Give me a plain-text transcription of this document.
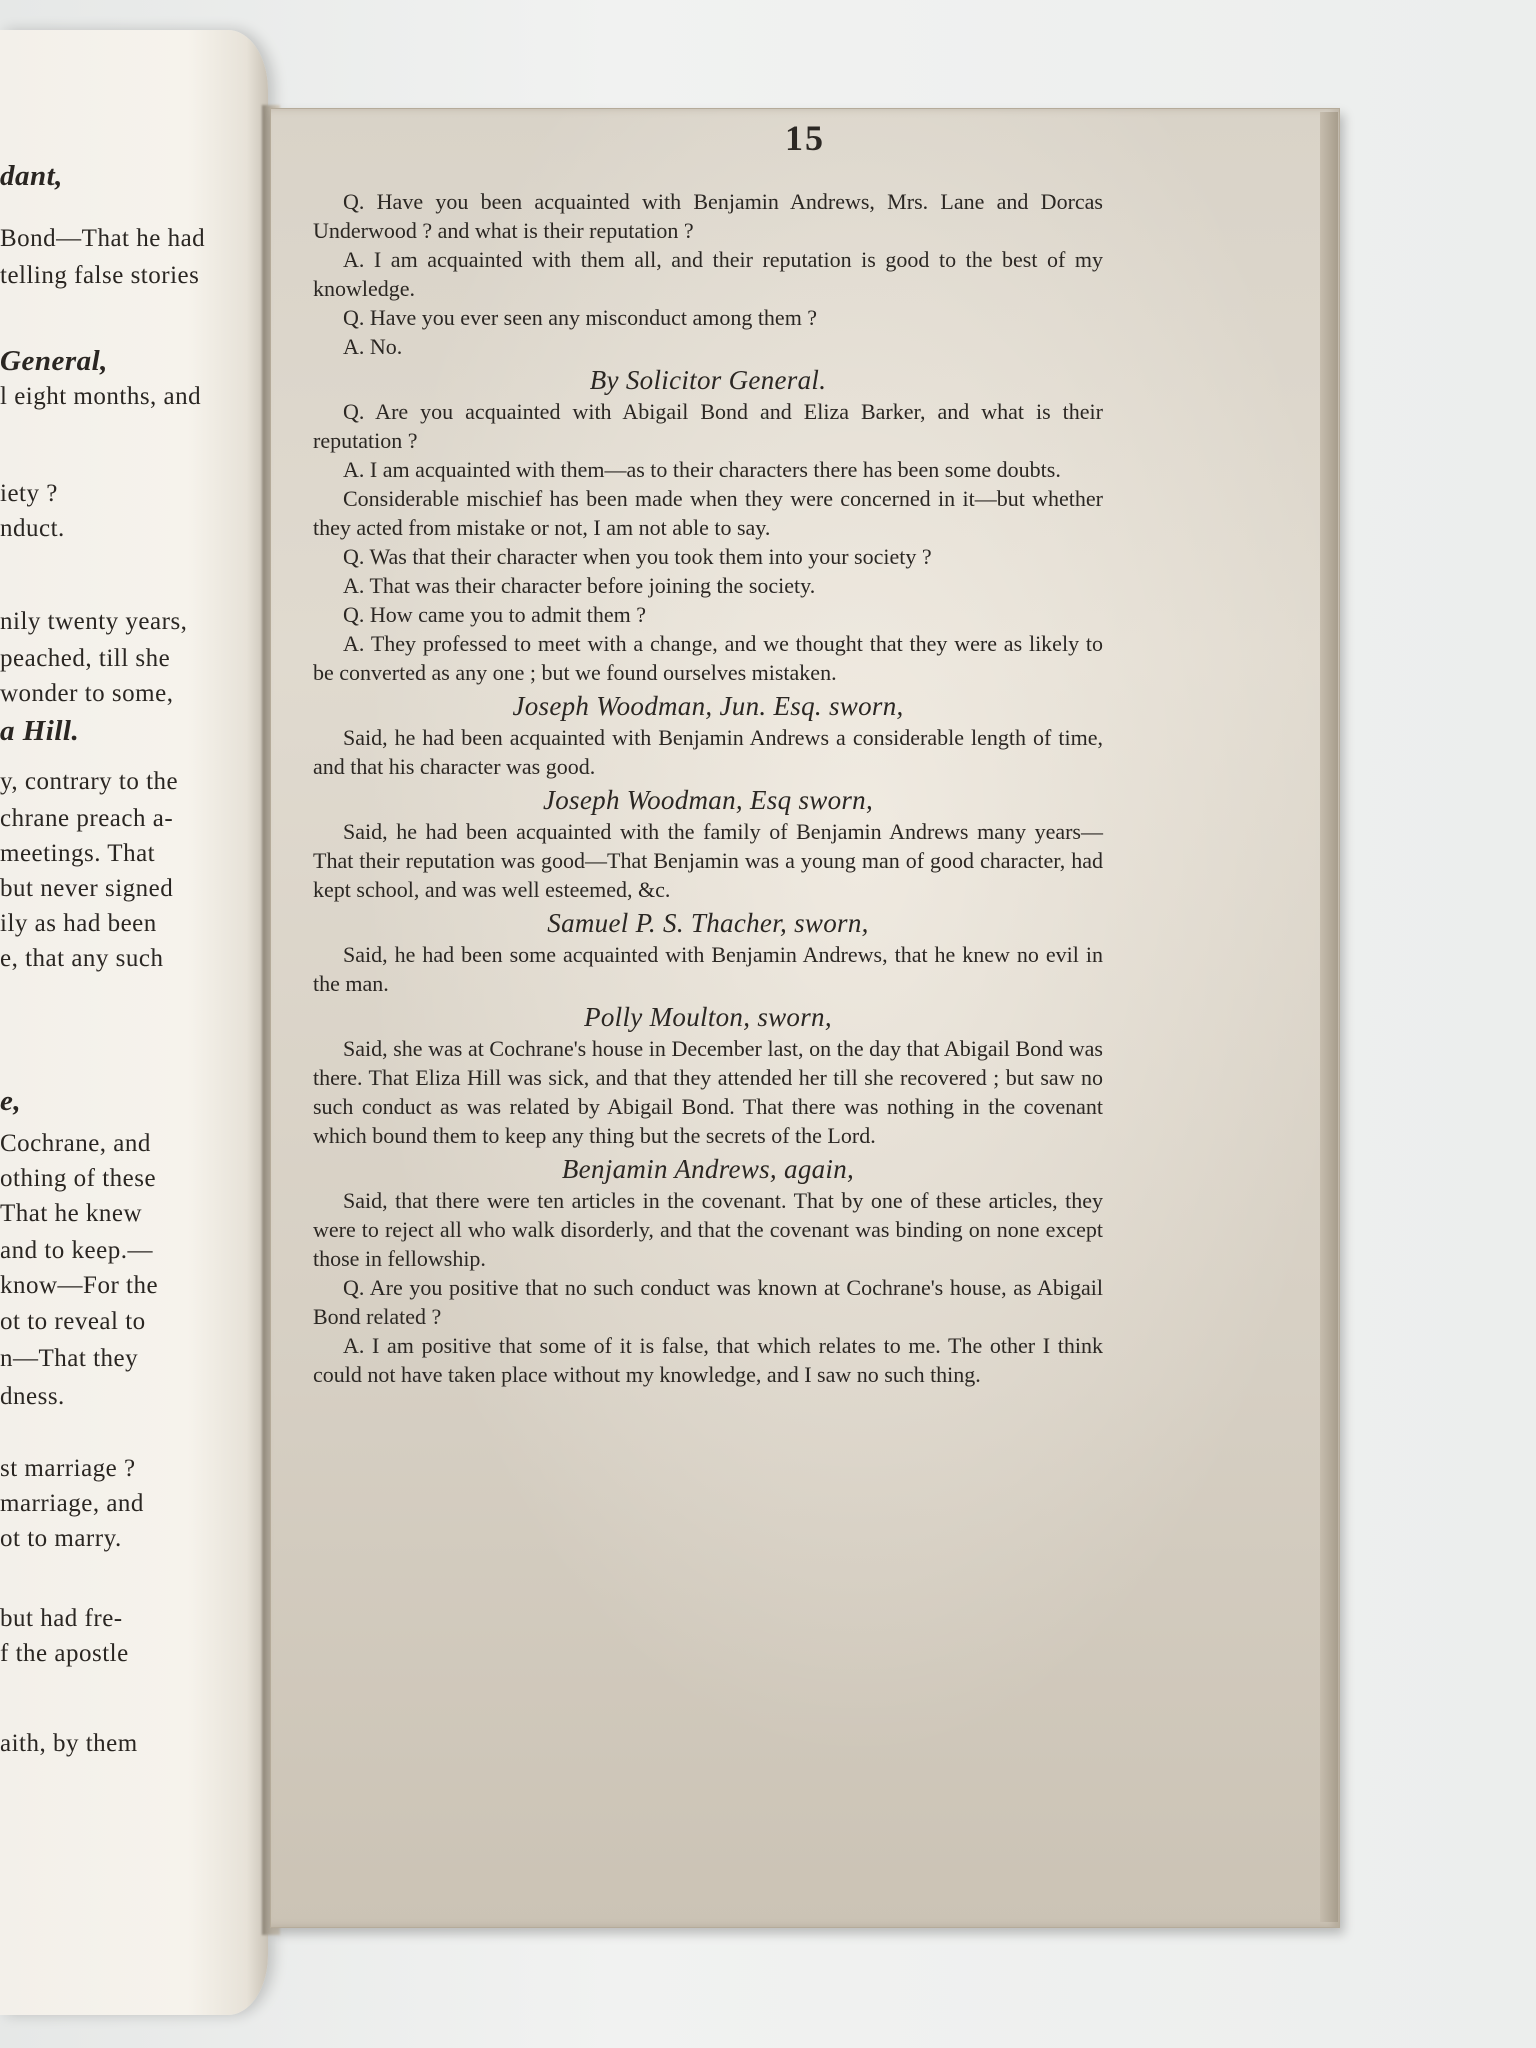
dant,
Bond—That he had
telling false stories
General,
l eight months, and
iety ?
nduct.
nily twenty years,
peached, till she
wonder to some,
a Hill.
y, contrary to the
chrane preach a-
meetings. That
but never signed
ily as had been
e, that any such
e,
Cochrane, and
othing of these
That he knew
and to keep.—
know—For the
ot to reveal to
n—That they
dness.
st marriage ?
marriage, and
ot to marry.
but had fre-
f the apostle
aith, by them
15

Q. Have you been acquainted with Benjamin Andrews, Mrs. Lane and Dorcas Underwood ? and what is their reputation ?

A. I am acquainted with them all, and their reputation is good to the best of my knowledge.

Q. Have you ever seen any misconduct among them ?

A. No.

By Solicitor General.

Q. Are you acquainted with Abigail Bond and Eliza Barker, and what is their reputation ?

A. I am acquainted with them—as to their characters there has been some doubts.

Considerable mischief has been made when they were concerned in it—but whether they acted from mistake or not, I am not able to say.

Q. Was that their character when you took them into your society ?

A. That was their character before joining the society.

Q. How came you to admit them ?

A. They professed to meet with a change, and we thought that they were as likely to be converted as any one ; but we found ourselves mistaken.

Joseph Woodman, Jun. Esq. sworn,

Said, he had been acquainted with Benjamin Andrews a considerable length of time, and that his character was good.

Joseph Woodman, Esq sworn,

Said, he had been acquainted with the family of Benjamin Andrews many years—That their reputation was good—That Benjamin was a young man of good character, had kept school, and was well esteemed, &c.

Samuel P. S. Thacher, sworn,

Said, he had been some acquainted with Benjamin Andrews, that he knew no evil in the man.

Polly Moulton, sworn,

Said, she was at Cochrane's house in December last, on the day that Abigail Bond was there. That Eliza Hill was sick, and that they attended her till she recovered ; but saw no such conduct as was related by Abigail Bond. That there was nothing in the covenant which bound them to keep any thing but the secrets of the Lord.

Benjamin Andrews, again,

Said, that there were ten articles in the covenant. That by one of these articles, they were to reject all who walk disorderly, and that the covenant was binding on none except those in fellowship.

Q. Are you positive that no such conduct was known at Cochrane's house, as Abigail Bond related ?

A. I am positive that some of it is false, that which relates to me. The other I think could not have taken place without my knowledge, and I saw no such thing.
